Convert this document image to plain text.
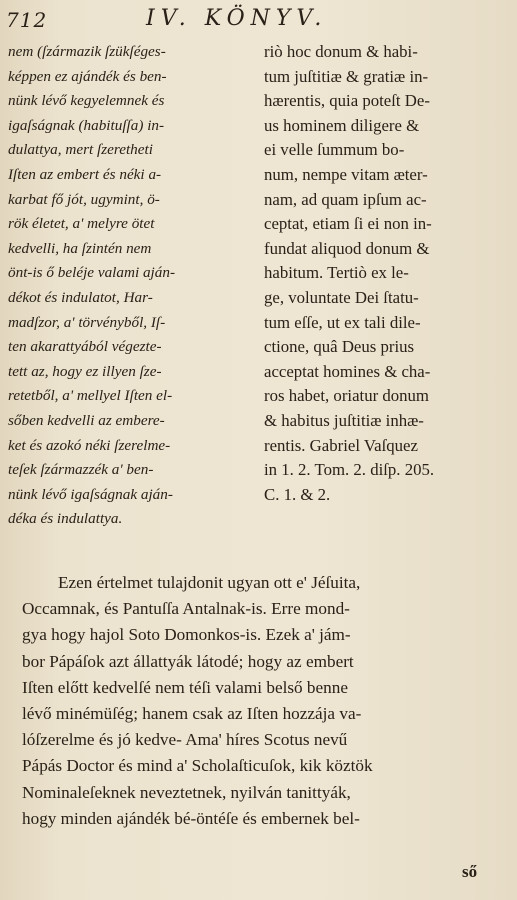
712	IV. KÖNYV.
nem (ſzármazik ſzükſéges-
képpen ez ajándék és ben-
nünk lévő kegyelemnek és
igaſságnak (habituſſa) in-
dulattya, mert ſzeretheti
Iſten az embert és néki a-
karbat fő jót, ugymint, ö-
rök életet, a' melyre ötet
kedvelli, ha ſzintén nem
önt-is ő beléje valami aján-
dékot és indulatot, Har-
madſzor, a' törvényből, Iſ-
ten akarattyából végezte-
tett az, hogy ez illyen ſze-
retetből, a' mellyel Iſten el-
sőben kedvelli az embere-
ket és azokó néki ſzerelme-
teſek ſzármazzék a' ben-
nünk lévő igaſságnak aján-
déka és indulattya.
riò hoc donum & habi-
tum juſtitiæ & gratiæ in-
hærentis, quia poteſt De-
us hominem diligere &
ei velle ſummum bo-
num, nempe vitam æter-
nam, ad quam ipſum ac-
ceptat, etiam ſi ei non in-
fundat aliquod donum &
habitum. Tertiò ex le-
ge, voluntate Dei ſtatu-
tum eſſe, ut ex tali dile-
ctione, quâ Deus prius
acceptat homines & cha-
ros habet, oriatur donum
& habitus juſtitiæ inhæ-
rentis. Gabriel Vaſquez
in 1. 2. Tom. 2. diſp. 205.
C. 1. & 2.
Ezen értelmet tulajdonit ugyan ott e' Jéſuita,
Occamnak, és Pantuſſa Antalnak-is. Erre mond-
gya hogy hajol Soto Domonkos-is. Ezek a' jám-
bor Pápáſok azt állattyák látodé; hogy az embert
Iſten előtt kedvelſé nem téſi valami belső benne
lévő minémüſég; hanem csak az Iſten hozzája va-
lóſzerelme és jó kedve- Ama' híres Scotus nevű
Pápás Doctor és mind a' Scholaſticuſok, kik köztök
Nominaleſeknek neveztetnek, nyilván tanittyák,
hogy minden ajándék bé-öntéſe és embernek bel-
ső
